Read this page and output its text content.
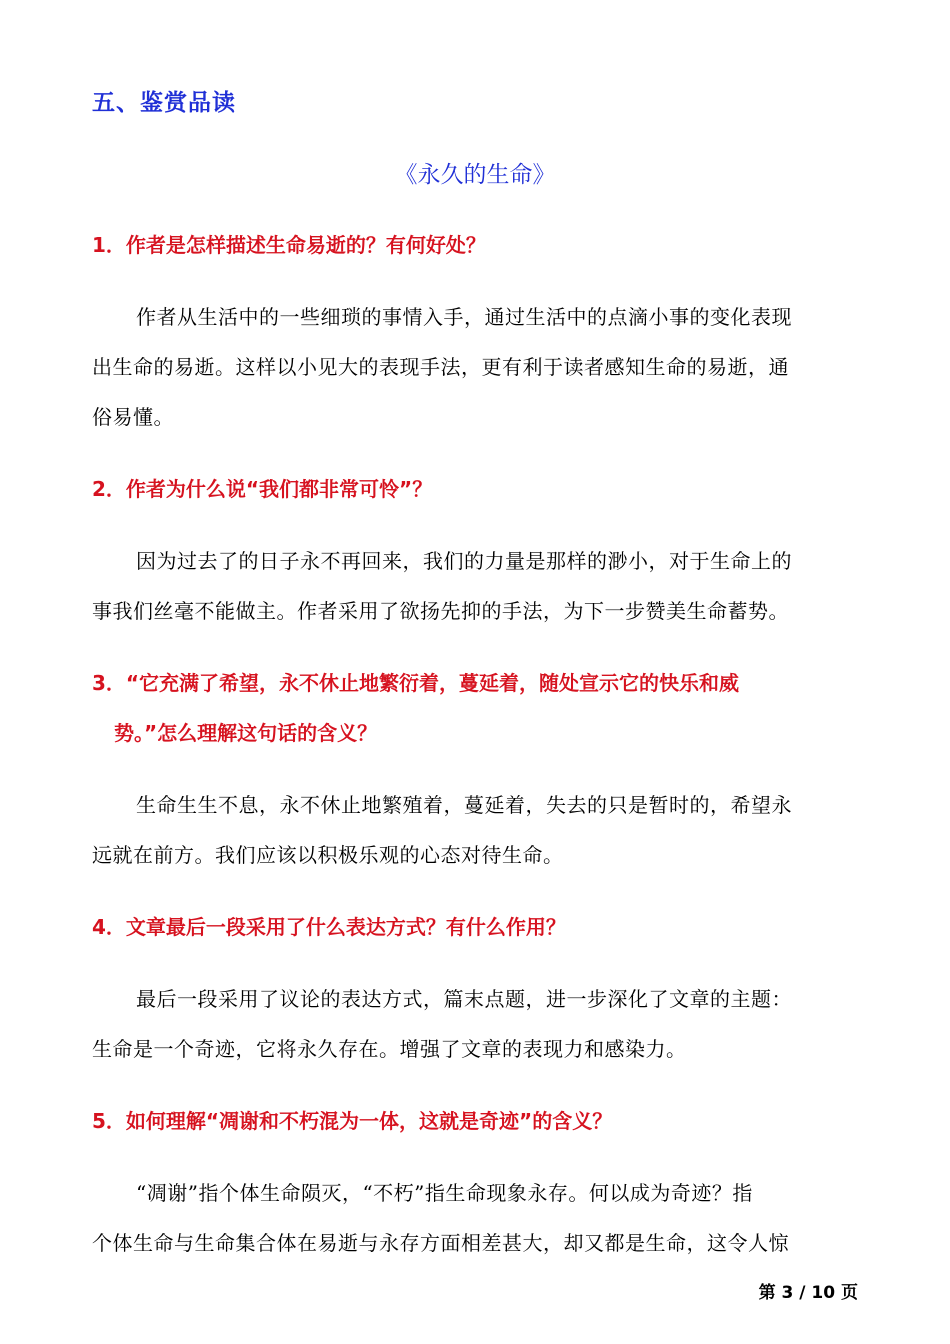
五、鉴赏品读
《永久的生命》
1．作者是怎样描述生命易逝的？有何好处？
作者从生活中的一些细琐的事情入手，通过生活中的点滴小事的变化表现
出生命的易逝。这样以小见大的表现手法，更有利于读者感知生命的易逝，通
俗易懂。
2．作者为什么说“我们都非常可怜”？
因为过去了的日子永不再回来，我们的力量是那样的渺小，对于生命上的
事我们丝毫不能做主。作者采用了欲扬先抑的手法，为下一步赞美生命蓄势。
3．“它充满了希望，永不休止地繁衍着，蔓延着，随处宣示它的快乐和威
势。”怎么理解这句话的含义？
生命生生不息，永不休止地繁殖着，蔓延着，失去的只是暂时的，希望永
远就在前方。我们应该以积极乐观的心态对待生命。
4．文章最后一段采用了什么表达方式？有什么作用？
最后一段采用了议论的表达方式，篇末点题，进一步深化了文章的主题：
生命是一个奇迹，它将永久存在。增强了文章的表现力和感染力。
5．如何理解“凋谢和不朽混为一体，这就是奇迹”的含义？
“凋谢”指个体生命陨灭，“不朽”指生命现象永存。何以成为奇迹？指
个体生命与生命集合体在易逝与永存方面相差甚大，却又都是生命，这令人惊
第 3 / 10 页
